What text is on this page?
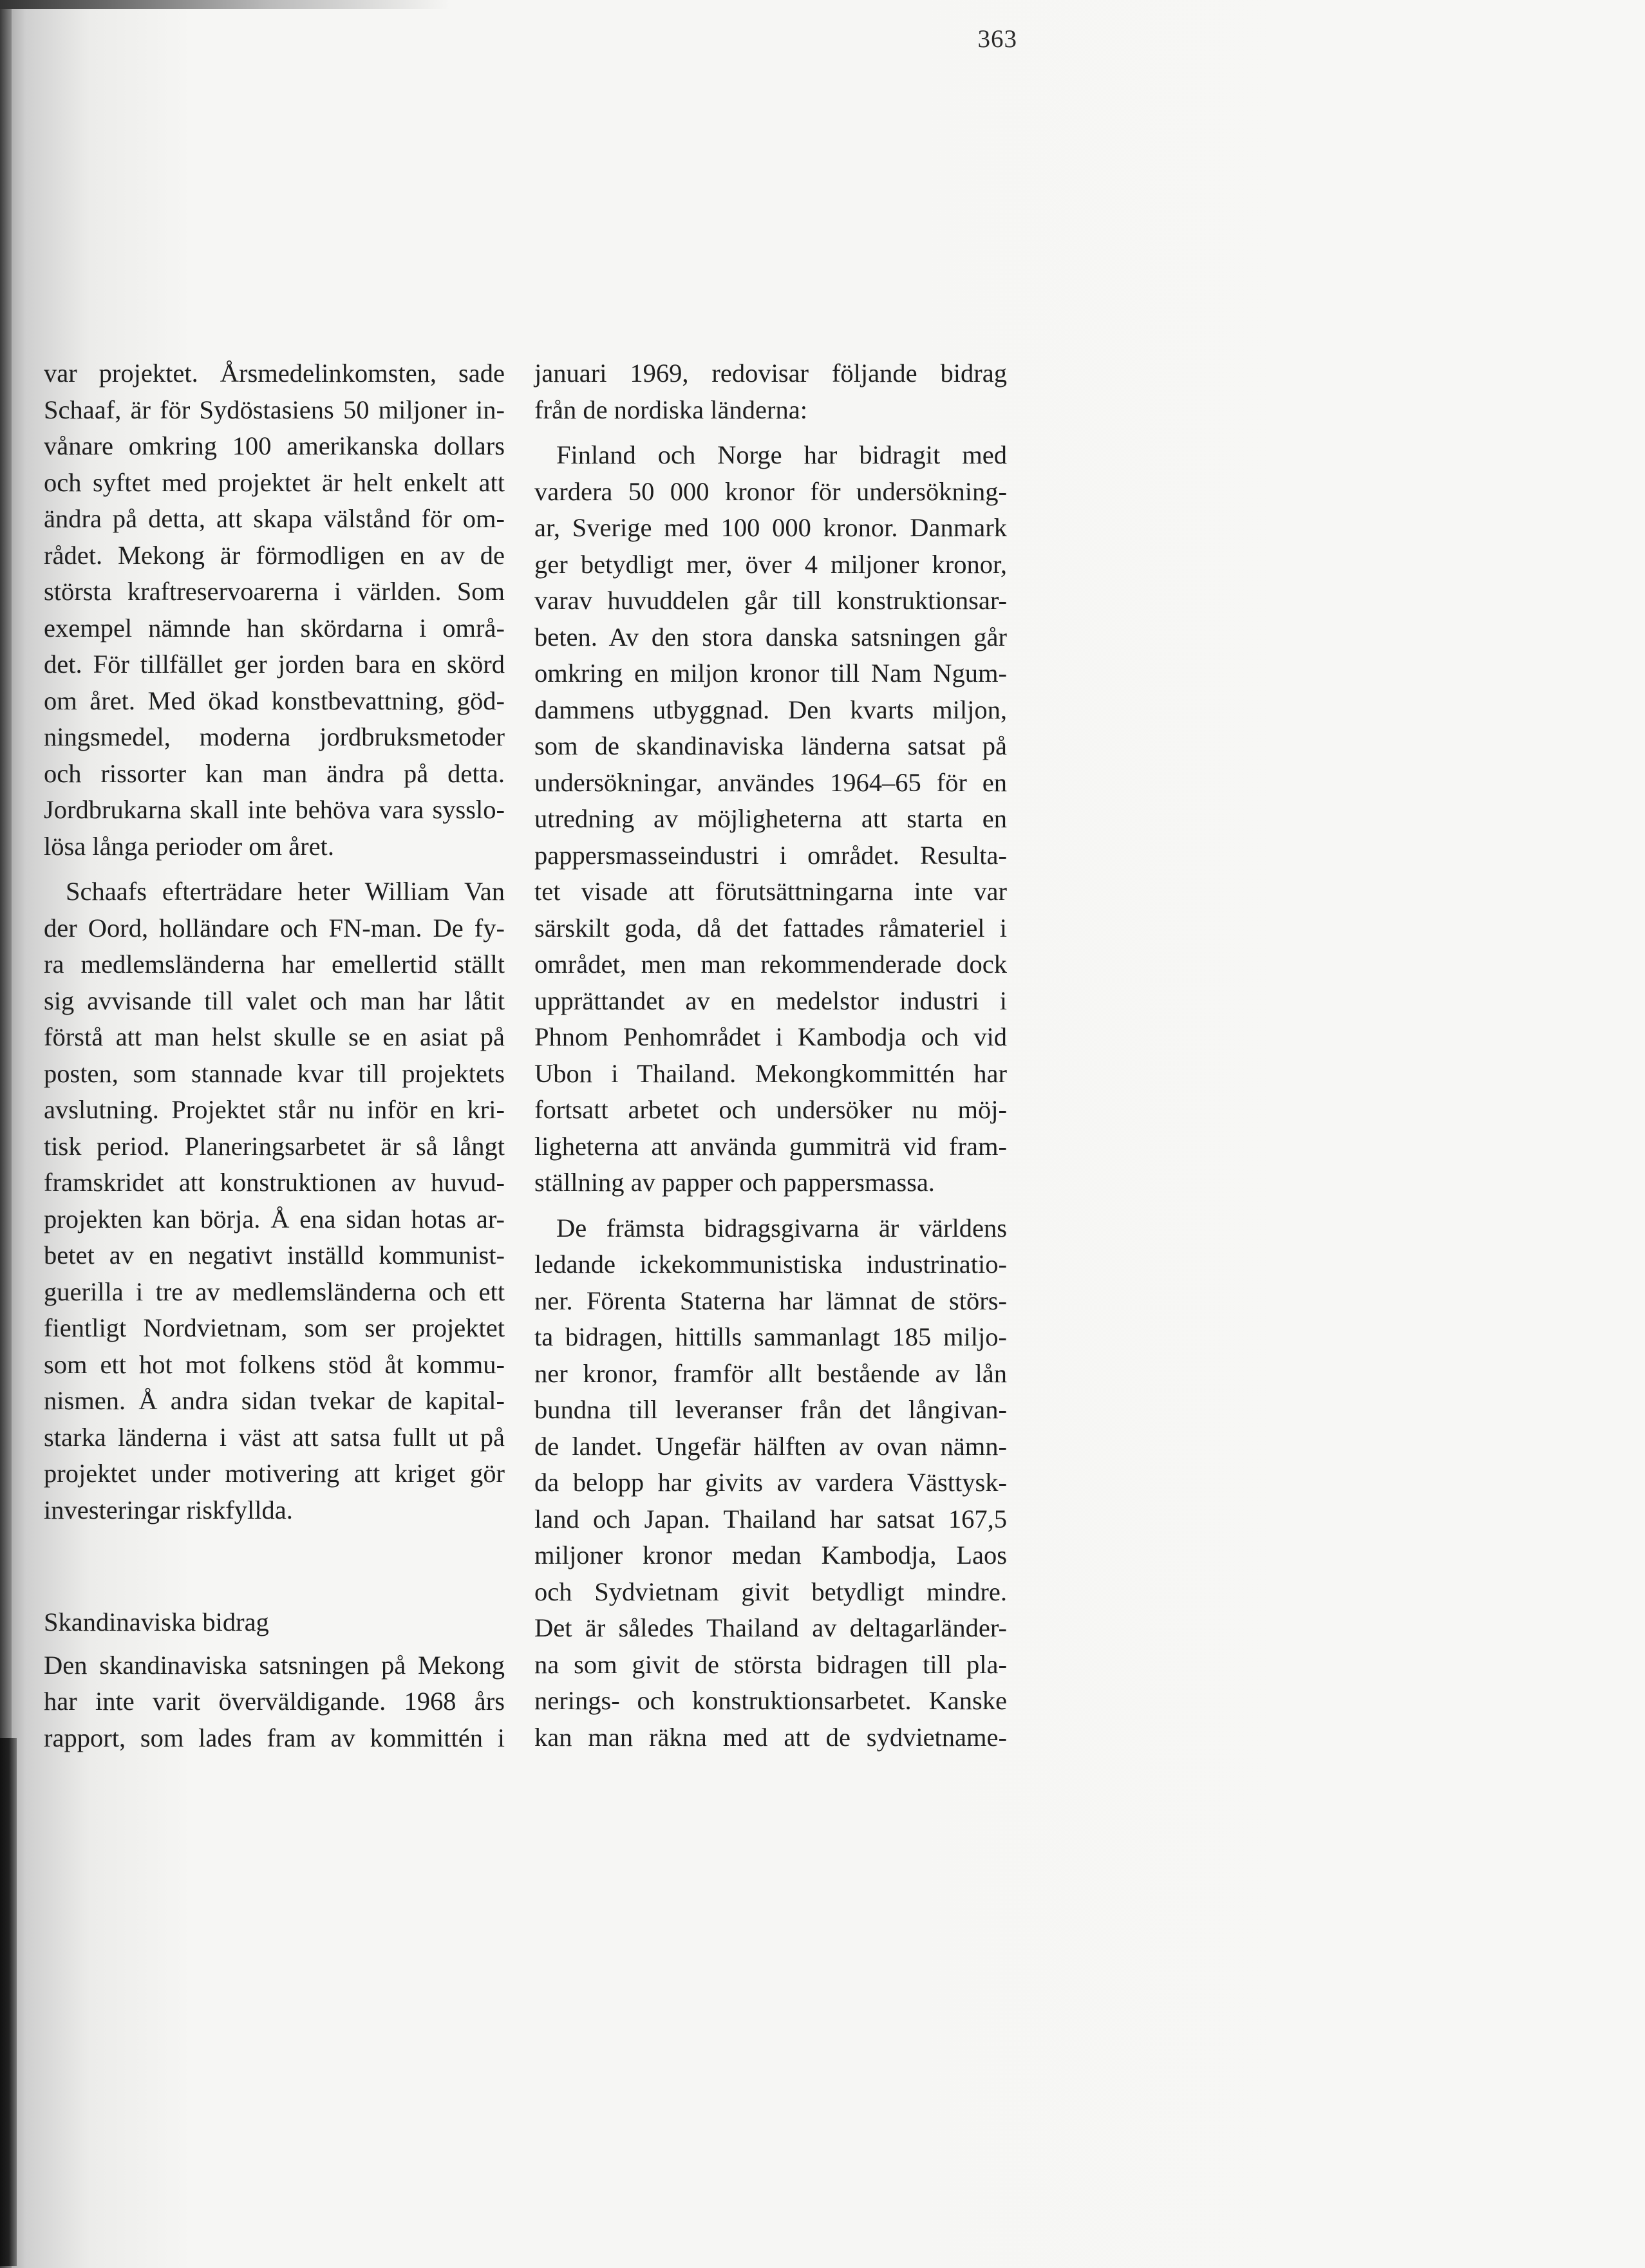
363

var projektet. Årsmedelinkomsten, sade
Schaaf, är för Sydöstasiens 50 miljoner in-
vånare omkring 100 amerikanska dollars
och syftet med projektet är helt enkelt att
ändra på detta, att skapa välstånd för om-
rådet. Mekong är förmodligen en av de
största kraftreservoarerna i världen. Som
exempel nämnde han skördarna i områ-
det. För tillfället ger jorden bara en skörd
om året. Med ökad konstbevattning, göd-
ningsmedel, moderna jordbruksmetoder
och rissorter kan man ändra på detta.
Jordbrukarna skall inte behöva vara sysslo-
lösa långa perioder om året.

Schaafs efterträdare heter William Van
der Oord, holländare och FN-man. De fy-
ra medlemsländerna har emellertid ställt
sig avvisande till valet och man har låtit
förstå att man helst skulle se en asiat på
posten, som stannade kvar till projektets
avslutning. Projektet står nu inför en kri-
tisk period. Planeringsarbetet är så långt
framskridet att konstruktionen av huvud-
projekten kan börja. Å ena sidan hotas ar-
betet av en negativt inställd kommunist-
guerilla i tre av medlemsländerna och ett
fientligt Nordvietnam, som ser projektet
som ett hot mot folkens stöd åt kommu-
nismen. Å andra sidan tvekar de kapital-
starka länderna i väst att satsa fullt ut på
projektet under motivering att kriget gör
investeringar riskfyllda.

Skandinaviska bidrag

Den skandinaviska satsningen på Mekong
har inte varit överväldigande. 1968 års
rapport, som lades fram av kommittén i

januari 1969, redovisar följande bidrag
från de nordiska länderna:

Finland och Norge har bidragit med
vardera 50 000 kronor för undersökning-
ar, Sverige med 100 000 kronor. Danmark
ger betydligt mer, över 4 miljoner kronor,
varav huvuddelen går till konstruktionsar-
beten. Av den stora danska satsningen går
omkring en miljon kronor till Nam Ngum-
dammens utbyggnad. Den kvarts miljon,
som de skandinaviska länderna satsat på
undersökningar, användes 1964–65 för en
utredning av möjligheterna att starta en
pappersmasseindustri i området. Resulta-
tet visade att förutsättningarna inte var
särskilt goda, då det fattades råmateriel i
området, men man rekommenderade dock
upprättandet av en medelstor industri i
Phnom Penhområdet i Kambodja och vid
Ubon i Thailand. Mekongkommittén har
fortsatt arbetet och undersöker nu möj-
ligheterna att använda gummiträ vid fram-
ställning av papper och pappersmassa.

De främsta bidragsgivarna är världens
ledande ickekommunistiska industrinatio-
ner. Förenta Staterna har lämnat de störs-
ta bidragen, hittills sammanlagt 185 miljo-
ner kronor, framför allt bestående av lån
bundna till leveranser från det långivan-
de landet. Ungefär hälften av ovan nämn-
da belopp har givits av vardera Västtysk-
land och Japan. Thailand har satsat 167,5
miljoner kronor medan Kambodja, Laos
och Sydvietnam givit betydligt mindre.
Det är således Thailand av deltagarländer-
na som givit de största bidragen till pla-
nerings- och konstruktionsarbetet. Kanske
kan man räkna med att de sydvietname-
